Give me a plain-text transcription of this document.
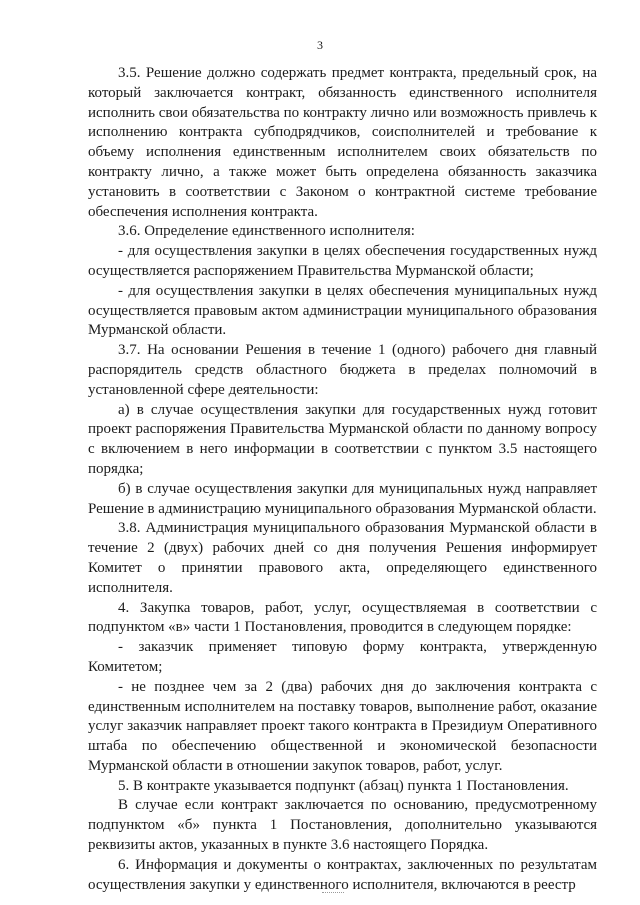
3

3.5. Решение должно содержать предмет контракта, предельный срок, на который заключается контракт, обязанность единственного исполнителя исполнить свои обязательства по контракту лично или возможность привлечь к исполнению контракта субподрядчиков, соисполнителей и требование к объему исполнения единственным исполнителем своих обязательств по контракту лично, а также может быть определена обязанность заказчика установить в соответствии с Законом о контрактной системе требование обеспечения исполнения контракта.

3.6. Определение единственного исполнителя:

- для осуществления закупки в целях обеспечения государственных нужд осуществляется распоряжением Правительства Мурманской области;

- для осуществления закупки в целях обеспечения муниципальных нужд осуществляется правовым актом администрации муниципального образования Мурманской области.

3.7. На основании Решения в течение 1 (одного) рабочего дня главный распорядитель средств областного бюджета в пределах полномочий в установленной сфере деятельности:

а) в случае осуществления закупки для государственных нужд готовит проект распоряжения Правительства Мурманской области по данному вопросу с включением в него информации в соответствии с пунктом 3.5 настоящего порядка;

б) в случае осуществления закупки для муниципальных нужд направляет Решение в администрацию муниципального образования Мурманской области.

3.8. Администрация муниципального образования Мурманской области в течение 2 (двух) рабочих дней со дня получения Решения информирует Комитет о принятии правового акта, определяющего единственного исполнителя.

4. Закупка товаров, работ, услуг, осуществляемая в соответствии с подпунктом «в» части 1 Постановления, проводится в следующем порядке:

- заказчик применяет типовую форму контракта, утвержденную Комитетом;

- не позднее чем за 2 (два) рабочих дня до заключения контракта с единственным исполнителем на поставку товаров, выполнение работ, оказание услуг заказчик направляет проект такого контракта в Президиум Оперативного штаба по обеспечению общественной и экономической безопасности Мурманской области в отношении закупок товаров, работ, услуг.

5. В контракте указывается подпункт (абзац) пункта 1 Постановления.

В случае если контракт заключается по основанию, предусмотренному подпунктом «б» пункта 1 Постановления, дополнительно указываются реквизиты актов, указанных в пункте 3.6 настоящего Порядка.

6. Информация и документы о контрактах, заключенных по результатам осуществления закупки у единственного исполнителя, включаются в реестр
